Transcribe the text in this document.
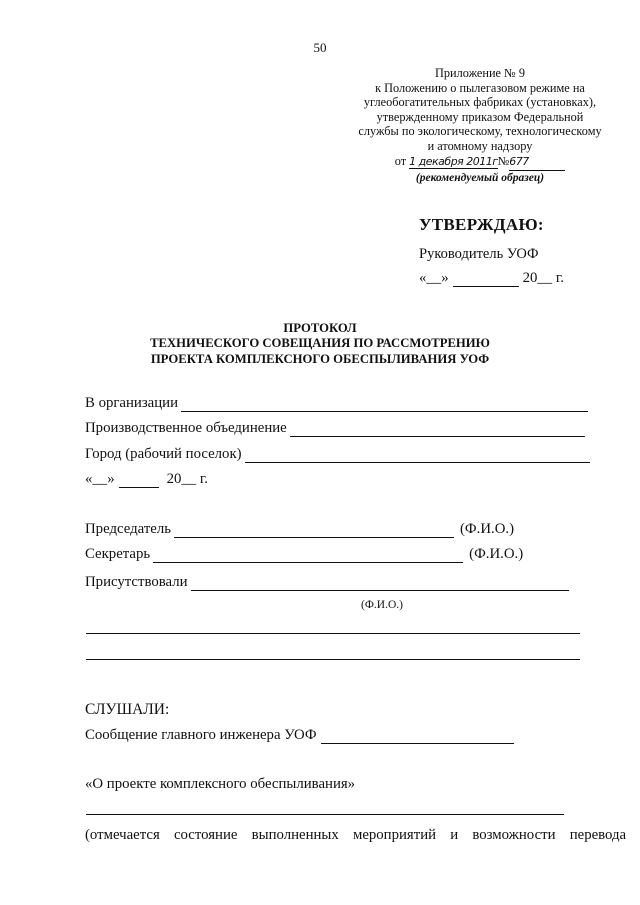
50
Приложение № 9
к Положению о пылегазовом режиме на
углеобогатительных фабриках (установках),
утвержденному приказом Федеральной
службы по экологическому, технологическому
и атомному надзору
от 1 декабря 2011г№677
(рекомендуемый образец)
УТВЕРЖДАЮ:
Руководитель УОФ
«__»	20__ г.
ПРОТОКОЛ
ТЕХНИЧЕСКОГО СОВЕЩАНИЯ ПО РАССМОТРЕНИЮ
ПРОЕКТА КОМПЛЕКСНОГО ОБЕСПЫЛИВАНИЯ УОФ
В организации
Производственное объединение
Город (рабочий поселок)
«__»	20__ г.
Председатель	(Ф.И.О.)
Секретарь	(Ф.И.О.)
Присутствовали
(Ф.И.О.)
СЛУШАЛИ:
Сообщение главного инженера УОФ
«О проекте комплексного обеспыливания»
(отмечается состояние выполненных мероприятий и возможности перевода
